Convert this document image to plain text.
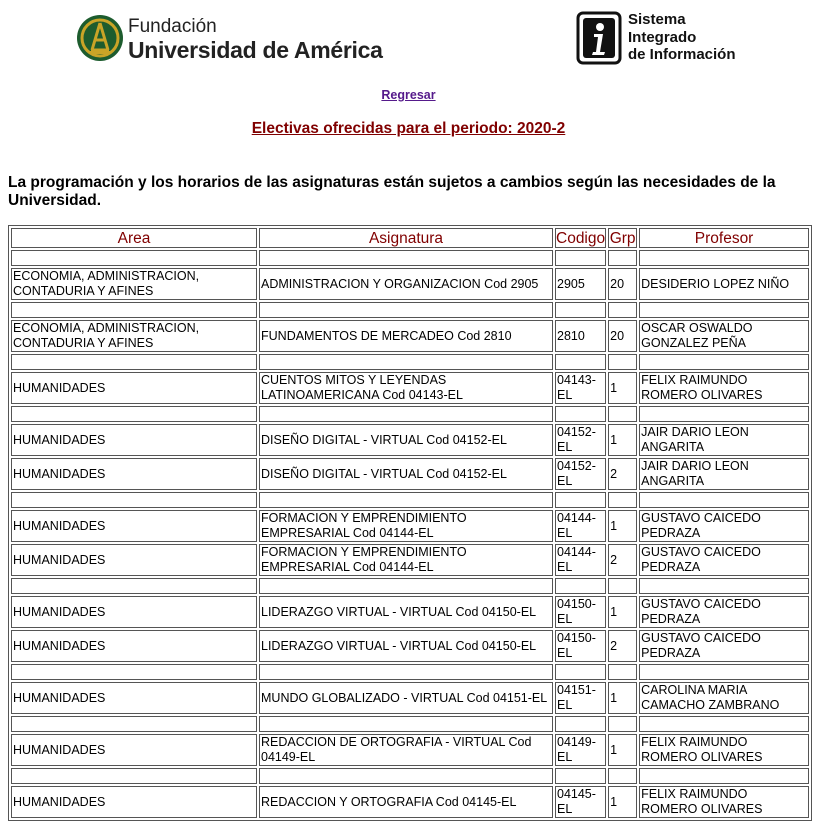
Fundación
Universidad de América
Sistema
Integrado
de Información
Regresar
Electivas ofrecidas para el periodo: 2020-2
La programación y los horarios de las asignaturas están sujetos a cambios según las necesidades de la Universidad.
Area	Asignatura	Codigo	Grp	Profesor

ECONOMIA, ADMINISTRACION, CONTADURIA Y AFINES	ADMINISTRACION Y ORGANIZACION Cod 2905	2905	20	DESIDERIO LOPEZ NIÑO

ECONOMIA, ADMINISTRACION, CONTADURIA Y AFINES	FUNDAMENTOS DE MERCADEO Cod 2810	2810	20	OSCAR OSWALDO GONZALEZ PEÑA

HUMANIDADES	CUENTOS MITOS Y LEYENDAS LATINOAMERICANA Cod 04143-EL	04143-EL	1	FELIX RAIMUNDO ROMERO OLIVARES

HUMANIDADES	DISEÑO DIGITAL - VIRTUAL Cod 04152-EL	04152-EL	1	JAIR DARIO LEON ANGARITA
HUMANIDADES	DISEÑO DIGITAL - VIRTUAL Cod 04152-EL	04152-EL	2	JAIR DARIO LEON ANGARITA

HUMANIDADES	FORMACION Y EMPRENDIMIENTO EMPRESARIAL Cod 04144-EL	04144-EL	1	GUSTAVO CAICEDO PEDRAZA
HUMANIDADES	FORMACION Y EMPRENDIMIENTO EMPRESARIAL Cod 04144-EL	04144-EL	2	GUSTAVO CAICEDO PEDRAZA

HUMANIDADES	LIDERAZGO VIRTUAL - VIRTUAL Cod 04150-EL	04150-EL	1	GUSTAVO CAICEDO PEDRAZA
HUMANIDADES	LIDERAZGO VIRTUAL - VIRTUAL Cod 04150-EL	04150-EL	2	GUSTAVO CAICEDO PEDRAZA

HUMANIDADES	MUNDO GLOBALIZADO - VIRTUAL Cod 04151-EL	04151-EL	1	CAROLINA MARIA CAMACHO ZAMBRANO

HUMANIDADES	REDACCION DE ORTOGRAFIA - VIRTUAL Cod 04149-EL	04149-EL	1	FELIX RAIMUNDO ROMERO OLIVARES

HUMANIDADES	REDACCION Y ORTOGRAFIA Cod 04145-EL	04145-EL	1	FELIX RAIMUNDO ROMERO OLIVARES
